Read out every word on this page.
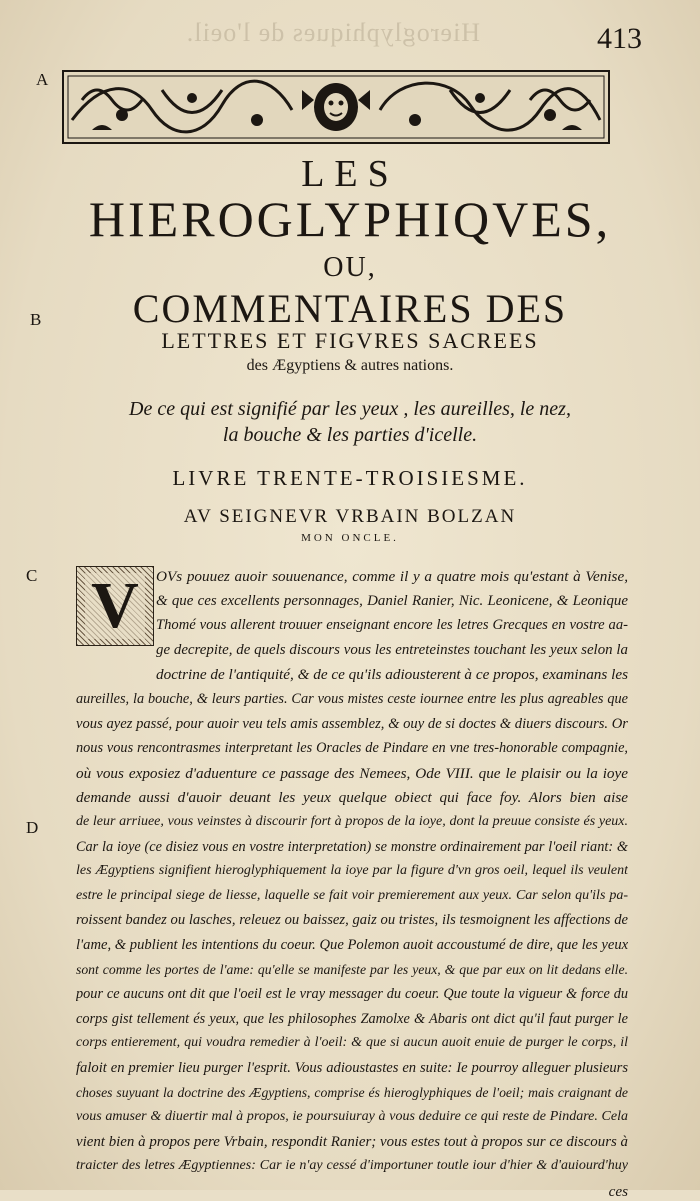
Hieroglyphiques de l'oeil.	413
A
B
C
D
LES
HIEROGLYPHIQVES,
OU,
COMMENTAIRES DES
LETTRES ET FIGVRES SACREES
des Ægyptiens & autres nations.
De ce qui est signifié par les yeux , les aureilles, le nez,
la bouche & les parties d'icelle.
LIVRE TRENTE-TROISIESME.
AV SEIGNEVR VRBAIN BOLZAN
MON ONCLE.
V	OVs pouuez auoir souuenance, comme il y a quatre mois qu'estant à Venise,
& que ces excellents personnages, Daniel Ranier, Nic. Leonicene, & Leonique
Thomé vous allerent trouuer enseignant encore les letres Grecques en vostre aa-
ge decrepite, de quels discours vous les entreteinstes touchant les yeux selon la
doctrine de l'antiquité, & de ce qu'ils adiousterent à ce propos, examinans les
aureilles, la bouche, & leurs parties. Car vous mistes ceste iournee entre les plus agreables que
vous ayez passé, pour auoir veu tels amis assemblez, & ouy de si doctes & diuers discours. Or
nous vous rencontrasmes interpretant les Oracles de Pindare en vne tres-honorable compagnie,
où vous exposiez d'aduenture ce passage des Nemees, Ode VIII. que le plaisir ou la ioye
demande aussi d'auoir deuant les yeux quelque obiect qui face foy. Alors bien aise
de leur arriuee, vous veinstes à discourir fort à propos de la ioye, dont la preuue consiste és yeux.
Car la ioye (ce disiez vous en vostre interpretation) se monstre ordinairement par l'oeil riant: &
les Ægyptiens signifient hieroglyphiquement la ioye par la figure d'vn gros oeil, lequel ils veulent
estre le principal siege de liesse, laquelle se fait voir premierement aux yeux. Car selon qu'ils pa-
roissent bandez ou lasches, releuez ou baissez, gaiz ou tristes, ils tesmoignent les affections de
l'ame, & publient les intentions du coeur. Que Polemon auoit accoustumé de dire, que les yeux
sont comme les portes de l'ame: qu'elle se manifeste par les yeux, & que par eux on lit dedans elle.
pour ce aucuns ont dit que l'oeil est le vray messager du coeur. Que toute la vigueur & force du
corps gist tellement és yeux, que les philosophes Zamolxe & Abaris ont dict qu'il faut purger le
corps entierement, qui voudra remedier à l'oeil: & que si aucun auoit enuie de purger le corps, il
faloit en premier lieu purger l'esprit. Vous adioustastes en suite: Ie pourroy alleguer plusieurs
choses suyuant la doctrine des Ægyptiens, comprise és hieroglyphiques de l'oeil; mais craignant de
vous amuser & diuertir mal à propos, ie poursuiuray à vous deduire ce qui reste de Pindare. Cela
vient bien à propos pere Vrbain, respondit Ranier; vous estes tout à propos sur ce discours à
traicter des letres Ægyptiennes: Car ie n'ay cessé d'importuner toutle iour d'hier & d'auiourd'huy
ces
